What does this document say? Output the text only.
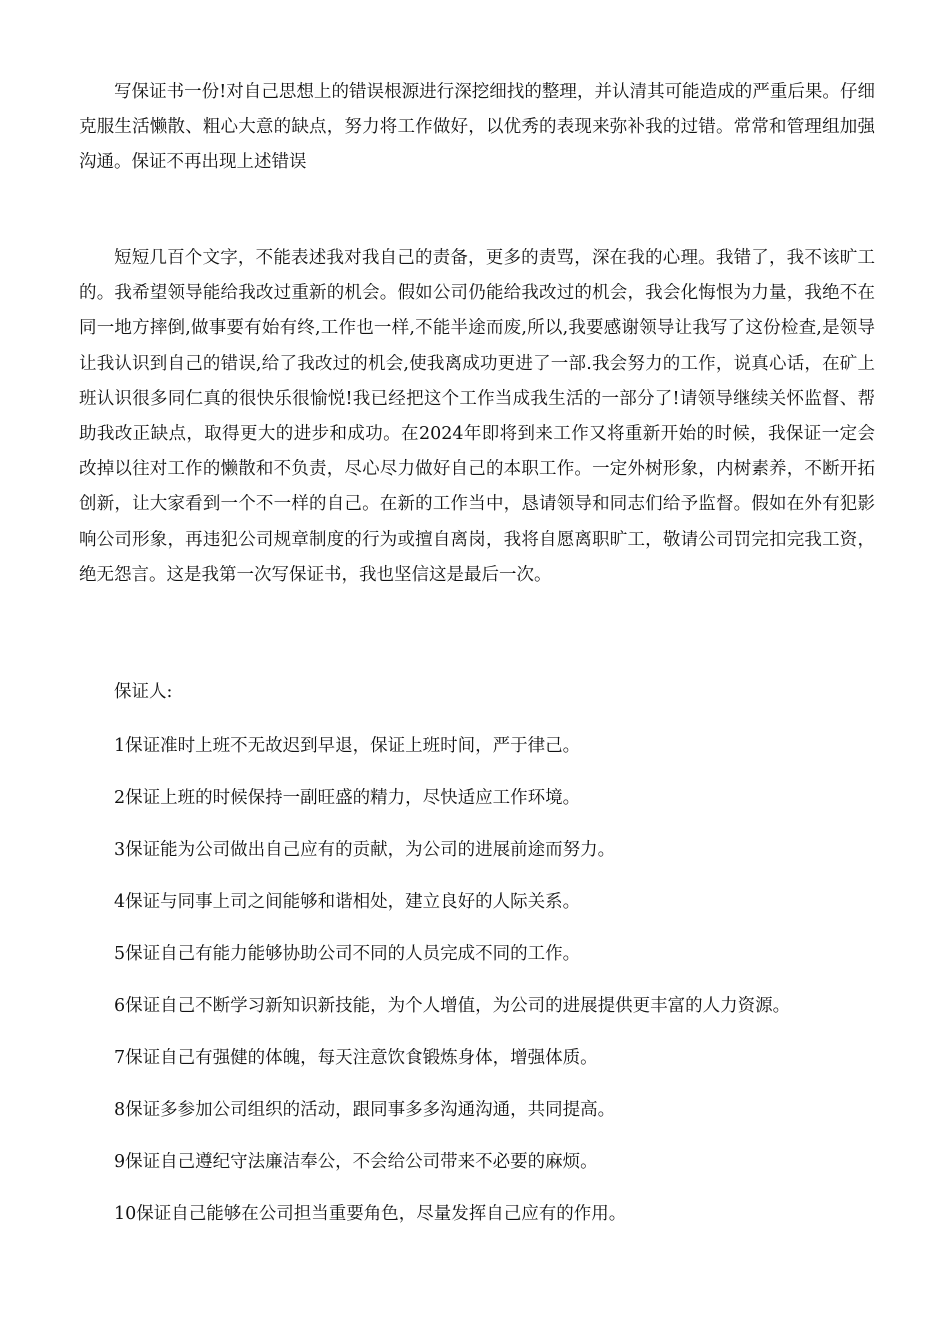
写保证书一份!对自己思想上的错误根源进行深挖细找的整理，并认清其可能造成的严重后果。仔细克服生活懒散、粗心大意的缺点，努力将工作做好，以优秀的表现来弥补我的过错。常常和管理组加强沟通。保证不再出现上述错误

短短几百个文字，不能表述我对我自己的责备，更多的责骂，深在我的心理。我错了，我不该旷工的。我希望领导能给我改过重新的机会。假如公司仍能给我改过的机会，我会化悔恨为力量，我绝不在同一地方摔倒,做事要有始有终,工作也一样,不能半途而废,所以,我要感谢领导让我写了这份检查,是领导让我认识到自己的错误,给了我改过的机会,使我离成功更进了一部.我会努力的工作，说真心话，在矿上班认识很多同仁真的很快乐很愉悦!我已经把这个工作当成我生活的一部分了!请领导继续关怀监督、帮助我改正缺点，取得更大的进步和成功。在2024年即将到来工作又将重新开始的时候，我保证一定会改掉以往对工作的懒散和不负责，尽心尽力做好自己的本职工作。一定外树形象，内树素养，不断开拓创新，让大家看到一个不一样的自己。在新的工作当中，恳请领导和同志们给予监督。假如在外有犯影响公司形象，再违犯公司规章制度的行为或擅自离岗，我将自愿离职旷工，敬请公司罚完扣完我工资，绝无怨言。这是我第一次写保证书，我也坚信这是最后一次。

保证人:

1保证准时上班不无故迟到早退，保证上班时间，严于律己。
2保证上班的时候保持一副旺盛的精力，尽快适应工作环境。
3保证能为公司做出自己应有的贡献，为公司的进展前途而努力。
4保证与同事上司之间能够和谐相处，建立良好的人际关系。
5保证自己有能力能够协助公司不同的人员完成不同的工作。
6保证自己不断学习新知识新技能，为个人增值，为公司的进展提供更丰富的人力资源。
7保证自己有强健的体魄，每天注意饮食锻炼身体，增强体质。
8保证多参加公司组织的活动，跟同事多多沟通沟通，共同提高。
9保证自己遵纪守法廉洁奉公，不会给公司带来不必要的麻烦。
10保证自己能够在公司担当重要角色，尽量发挥自己应有的作用。
